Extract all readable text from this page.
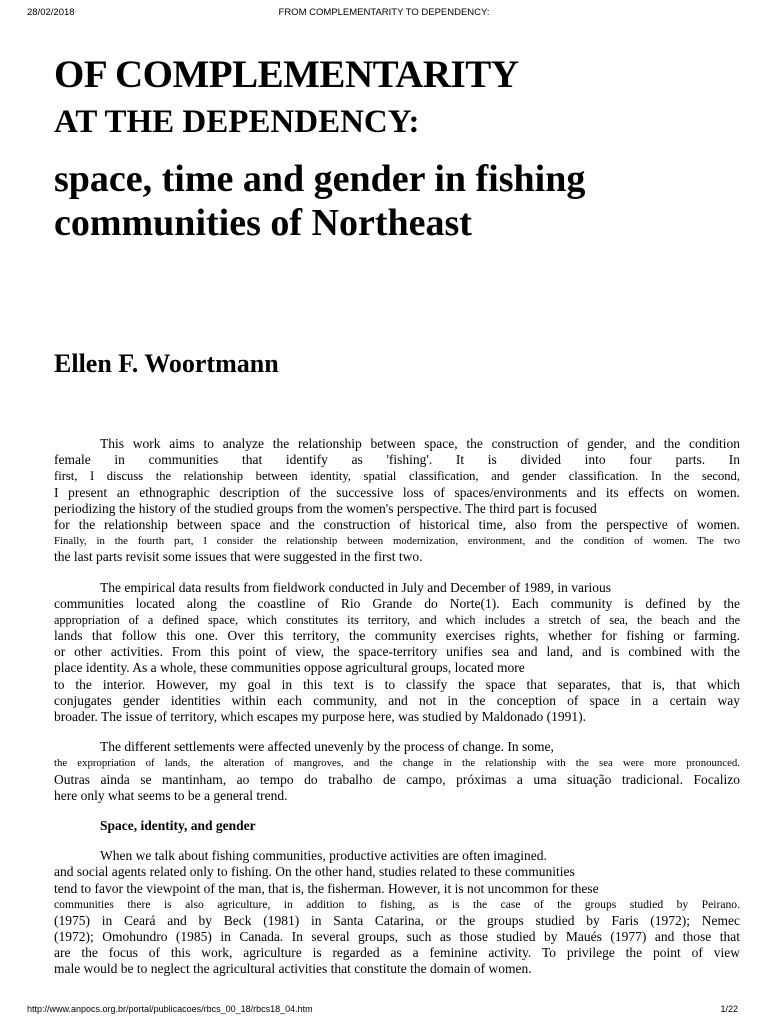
28/02/2018	FROM COMPLEMENTARITY TO DEPENDENCY:
OF COMPLEMENTARITY
AT THE DEPENDENCY:
space, time and gender in fishing communities of Northeast
Ellen F. Woortmann
This work aims to analyze the relationship between space, the construction of gender, and the condition
female in communities that identify as 'fishing'. It is divided into four parts. In
first, I discuss the relationship between identity, spatial classification, and gender classification. In the second,
I present an ethnographic description of the successive loss of spaces/environments and its effects on women.
periodizing the history of the studied groups from the women's perspective. The third part is focused
for the relationship between space and the construction of historical time, also from the perspective of women.
Finally, in the fourth part, I consider the relationship between modernization, environment, and the condition of women. The two
the last parts revisit some issues that were suggested in the first two.
The empirical data results from fieldwork conducted in July and December of 1989, in various
communities located along the coastline of Rio Grande do Norte(1). Each community is defined by the
appropriation of a defined space, which constitutes its territory, and which includes a stretch of sea, the beach and the
lands that follow this one. Over this territory, the community exercises rights, whether for fishing or farming.
or other activities. From this point of view, the space-territory unifies sea and land, and is combined with the
place identity. As a whole, these communities oppose agricultural groups, located more
to the interior. However, my goal in this text is to classify the space that separates, that is, that which
conjugates gender identities within each community, and not in the conception of space in a certain way
broader. The issue of territory, which escapes my purpose here, was studied by Maldonado (1991).
The different settlements were affected unevenly by the process of change. In some,
the expropriation of lands, the alteration of mangroves, and the change in the relationship with the sea were more pronounced.
Outras ainda se mantinham, ao tempo do trabalho de campo, próximas a uma situação tradicional. Focalizo
here only what seems to be a general trend.
Space, identity, and gender
When we talk about fishing communities, productive activities are often imagined.
and social agents related only to fishing. On the other hand, studies related to these communities
tend to favor the viewpoint of the man, that is, the fisherman. However, it is not uncommon for these
communities there is also agriculture, in addition to fishing, as is the case of the groups studied by Peirano.
(1975) in Ceará and by Beck (1981) in Santa Catarina, or the groups studied by Faris (1972); Nemec
(1972); Omohundro (1985) in Canada. In several groups, such as those studied by Maués (1977) and those that
are the focus of this work, agriculture is regarded as a feminine activity. To privilege the point of view
male would be to neglect the agricultural activities that constitute the domain of women.
http://www.anpocs.org.br/portal/publicacoes/rbcs_00_18/rbcs18_04.htm	1/22
